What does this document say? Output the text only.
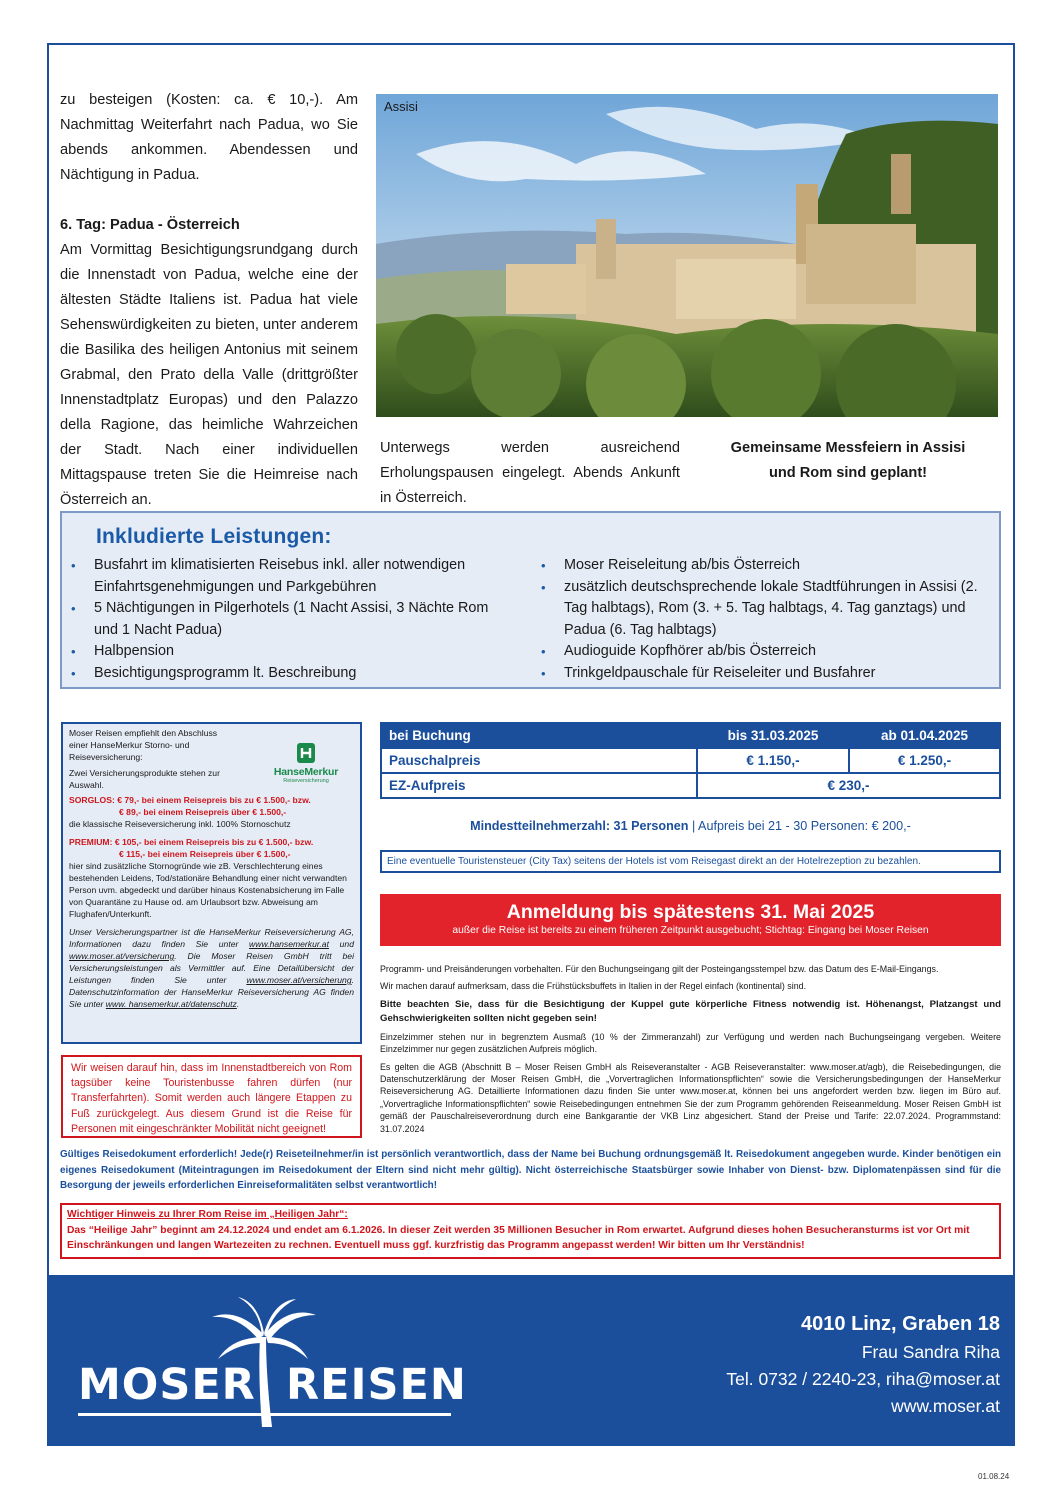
zu besteigen (Kosten: ca. € 10,-). Am Nachmittag Weiterfahrt nach Padua, wo Sie abends ankommen. Abendessen und Nächtigung in Padua.

6. Tag: Padua - Österreich

Am Vormittag Besichtigungsrundgang durch die Innenstadt von Padua, welche eine der ältesten Städte Italiens ist. Padua hat viele Sehenswürdigkeiten zu bieten, unter anderem die Basilika des heiligen Antonius mit seinem Grabmal, den Prato della Valle (drittgrößter Innenstadtplatz Europas) und den Palazzo della Ragione, das heimliche Wahrzeichen der Stadt. Nach einer individuellen Mittagspause treten Sie die Heimreise nach Österreich an.

Assisi
Unterwegs werden ausreichend Erholungspausen eingelegt. Abends Ankunft in Österreich.
Gemeinsame Messfeiern in Assisi
und Rom sind geplant!
Inkludierte Leistungen:
• Busfahrt im klimatisierten Reisebus inkl. aller notwendigen Einfahrtsgenehmigungen und Parkgebühren
• 5 Nächtigungen in Pilgerhotels (1 Nacht Assisi, 3 Nächte Rom und 1 Nacht Padua)
• Halbpension
• Besichtigungsprogramm lt. Beschreibung
• Moser Reiseleitung ab/bis Österreich
• zusätzlich deutschsprechende lokale Stadtführungen in Assisi (2. Tag halbtags), Rom (3. + 5. Tag halbtags, 4. Tag ganztags) und Padua (6. Tag halbtags)
• Audioguide Kopfhörer ab/bis Österreich
• Trinkgeldpauschale für Reiseleiter und Busfahrer
HanseMerkur
Reiseversicherung

Moser Reisen empfiehlt den Abschluss einer HanseMerkur Storno- und Reiseversicherung:

Zwei Versicherungsprodukte stehen zur Auswahl.

SORGLOS: € 79,- bei einem Reisepreis bis zu € 1.500,- bzw.

€ 89,- bei einem Reisepreis über € 1.500,-

die klassische Reiseversicherung inkl. 100% Stornoschutz

PREMIUM: € 105,- bei einem Reisepreis bis zu € 1.500,- bzw.

€ 115,- bei einem Reisepreis über € 1.500,-

hier sind zusätzliche Stornogründe wie zB. Verschlechterung eines bestehenden Leidens, Tod/stationäre Behandlung einer nicht verwandten Person uvm. abgedeckt und darüber hinaus Kostenabsicherung im Falle von Quarantäne zu Hause od. am Urlaubsort bzw. Abweisung am Flughafen/Unterkunft.

Unser Versicherungspartner ist die HanseMerkur Reiseversicherung AG, Informationen dazu finden Sie unter www.hansemerkur.at und www.moser.at/versicherung. Die Moser Reisen GmbH tritt bei Versicherungsleistungen als Vermittler auf. Eine Detailübersicht der Leistungen finden Sie unter www.moser.at/versicherung. Datenschutzinformation der HanseMerkur Reiseversicherung AG finden Sie unter www. hansemerkur.at/datenschutz.

Wir weisen darauf hin, dass im Innenstadtbereich von Rom tagsüber keine Touristenbusse fahren dürfen (nur Transferfahrten). Somit werden auch längere Etappen zu Fuß zurückgelegt. Aus diesem Grund ist die Reise für Personen mit eingeschränkter Mobilität nicht geeignet!
bei Buchung	bis 31.03.2025	ab 01.04.2025
Pauschalpreis	€ 1.150,-	€ 1.250,-
EZ-Aufpreis	€ 230,-	
Mindestteilnehmerzahl: 31 Personen | Aufpreis bei 21 - 30 Personen: € 200,-
Eine eventuelle Touristensteuer (City Tax) seitens der Hotels ist vom Reisegast direkt an der Hotelrezeption zu bezahlen.
Anmeldung bis spätestens 31. Mai 2025
außer die Reise ist bereits zu einem früheren Zeitpunkt ausgebucht; Stichtag: Eingang bei Moser Reisen

Programm- und Preisänderungen vorbehalten. Für den Buchungseingang gilt der Posteingangsstempel bzw. das Datum des E-Mail-Eingangs.

Wir machen darauf aufmerksam, dass die Frühstücksbuffets in Italien in der Regel einfach (kontinental) sind.

Bitte beachten Sie, dass für die Besichtigung der Kuppel gute körperliche Fitness notwendig ist. Höhenangst, Platzangst und Gehschwierigkeiten sollten nicht gegeben sein!

Einzelzimmer stehen nur in begrenztem Ausmaß (10 % der Zimmeranzahl) zur Verfügung und werden nach Buchungseingang vergeben. Weitere Einzelzimmer nur gegen zusätzlichen Aufpreis möglich.

Es gelten die AGB (Abschnitt B – Moser Reisen GmbH als Reiseveranstalter - AGB Reiseveranstalter: www.moser.at/agb), die Reisebedingungen, die Datenschutzerklärung der Moser Reisen GmbH, die „Vorvertraglichen Informationspflichten“ sowie die Versicherungsbedingungen der HanseMerkur Reiseversicherung AG. Detaillierte Informationen dazu finden Sie unter www.moser.at, können bei uns angefordert werden bzw. liegen im Büro auf. „Vorvertragliche Informationspflichten“ sowie Reisebedingungen entnehmen Sie der zum Programm gehörenden Reiseanmeldung. Moser Reisen GmbH ist gemäß der Pauschalreiseverordnung durch eine Bankgarantie der VKB Linz abgesichert. Stand der Preise und Tarife: 22.07.2024. Programmstand: 31.07.2024

Gültiges Reisedokument erforderlich! Jede(r) Reiseteilnehmer/in ist persönlich verantwortlich, dass der Name bei Buchung ordnungsgemäß lt. Reisedokument angegeben wurde. Kinder benötigen ein eigenes Reisedokument (Miteintragungen im Reisedokument der Eltern sind nicht mehr gültig). Nicht österreichische Staatsbürger sowie Inhaber von Dienst- bzw. Diplomatenpässen sind für die Besorgung der jeweils erforderlichen Einreiseformalitäten selbst verantwortlich!
Wichtiger Hinweis zu Ihrer Rom Reise im „Heiligen Jahr“:
Das “Heilige Jahr” beginnt am 24.12.2024 und endet am 6.1.2026. In dieser Zeit werden 35 Millionen Besucher in Rom erwartet. Aufgrund dieses hohen Besucheransturms ist vor Ort mit Einschränkungen und langen Wartezeiten zu rechnen. Eventuell muss ggf. kurzfristig das Programm angepasst werden! Wir bitten um Ihr Verständnis!
MOSER REISEN
4010 Linz, Graben 18
Frau Sandra Riha
Tel. 0732 / 2240-23, riha@moser.at
www.moser.at
01.08.24
